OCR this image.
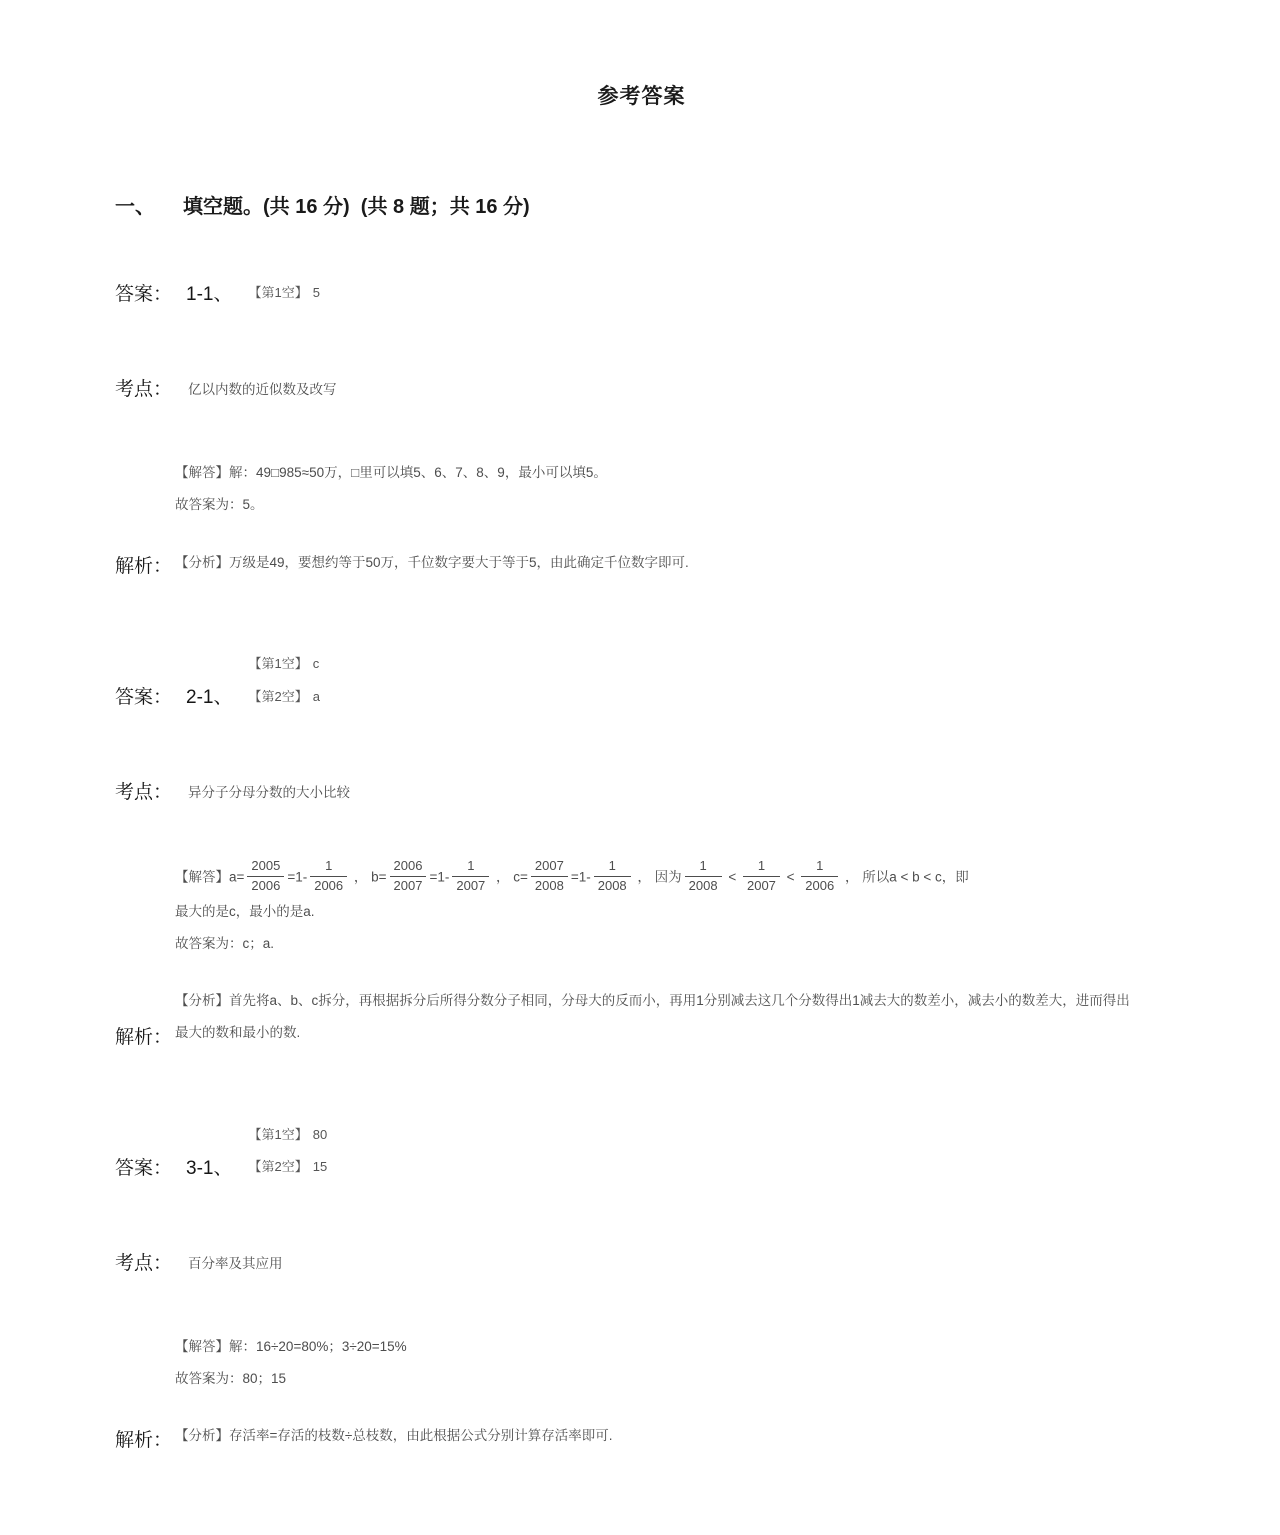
参考答案
一、 填空题。(共 16 分)  (共 8 题；共 16 分)
答案： 1-1、 【第1空】 5
考点： 亿以内数的近似数及改写
解析：

【解答】解：49□985≈50万，□里可以填5、6、7、8、9，最小可以填5。

故答案为：5。

【分析】万级是49，要想约等于50万，千位数字要大于等于5，由此确定千位数字即可.

答案： 2-1、
【第1空】 c
【第2空】 a
考点： 异分子分母分数的大小比较
解析：

【解答】$a= \frac{2005}{2006} =1- \frac{1}{2006}$ ， $b= \frac{2006}{2007} =1- \frac{1}{2007}$ ， $c= \frac{2007}{2008} =1- \frac{1}{2008}$ ， 因为 $\frac{1}{2008} < \frac{1}{2007} < \frac{1}{2006}$ ， 所以a < b < c，即

最大的是c，最小的是a.

故答案为：c；a.

【分析】首先将a、b、c拆分，再根据拆分后所得分数分子相同，分母大的反而小，再用1分别减去这几个分数得出1减去大的数差小，减去小的数差大，进而得出最大的数和最小的数.

答案： 3-1、
【第1空】 80
【第2空】 15
考点： 百分率及其应用
解析：

【解答】解：16÷20=80%；3÷20=15%

故答案为：80；15

【分析】存活率=存活的枝数÷总枝数，由此根据公式分别计算存活率即可.
